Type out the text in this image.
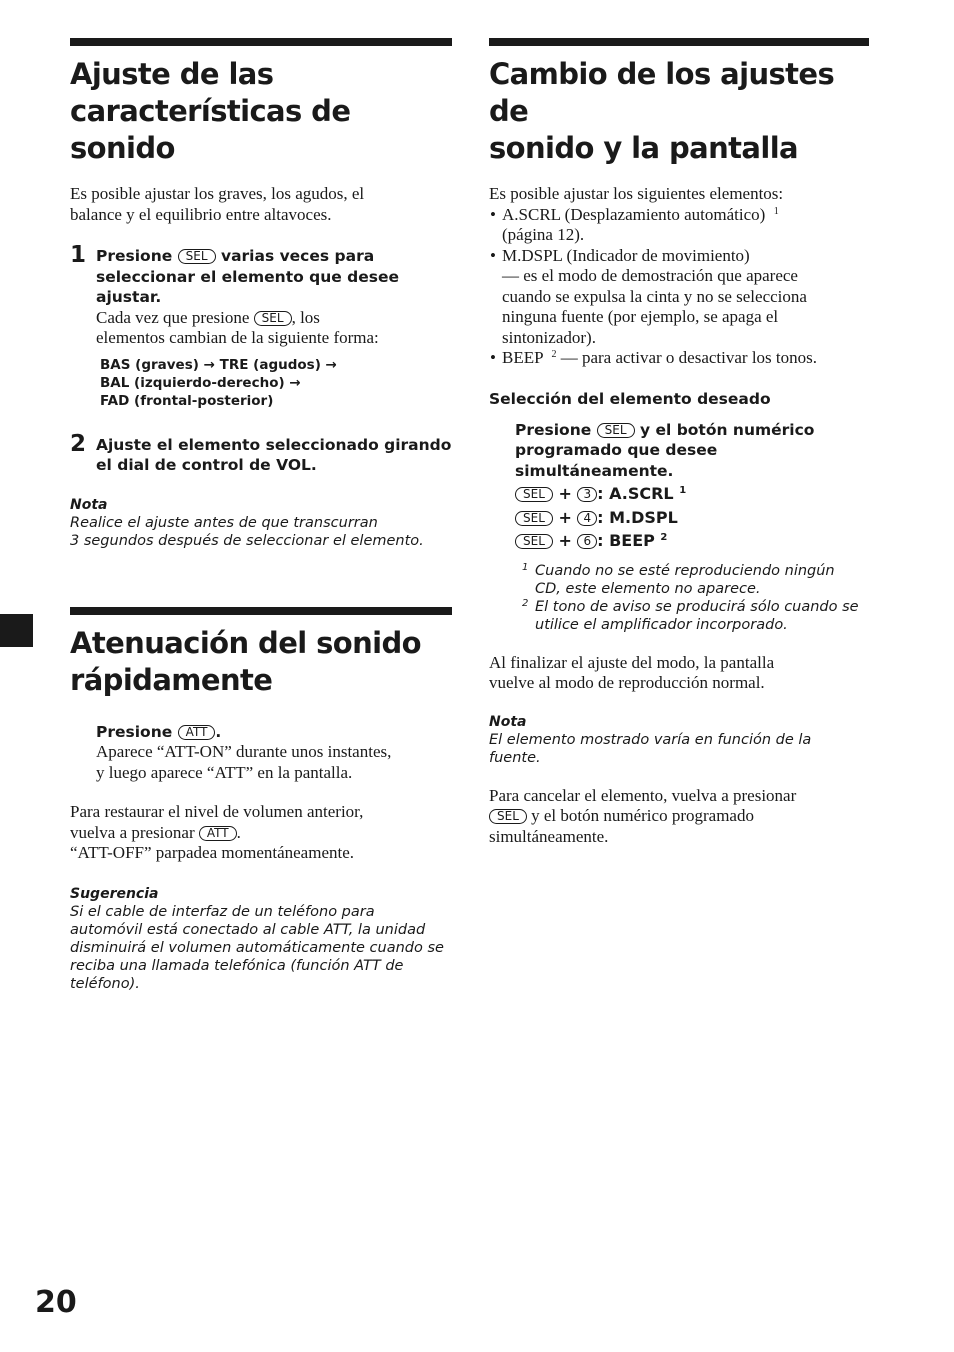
Ajuste de las
características de sonido

Es posible ajustar los graves, los agudos, el

balance y el equilibrio entre altavoces.

1 Presione SEL varias veces para
seleccionar el elemento que desee
ajustar.

Cada vez que presione SEL , los
elementos cambian de la siguiente forma:

BAS (graves) → TRE (agudos) →
BAL (izquierdo-derecho) →
FAD (frontal-posterior)
2 Ajuste el elemento seleccionado girando
el dial de control de VOL.
Nota
Realice el ajuste antes de que transcurran
3 segundos después de seleccionar el elemento.
Atenuación del sonido
rápidamente
Presione ATT .

Aparece “ATT-ON” durante unos instantes,

y luego aparece “ATT” en la pantalla.

Para restaurar el nivel de volumen anterior,

vuelva a presionar ATT .

“ATT-OFF” parpadea momentáneamente.

Sugerencia
Si el cable de interfaz de un teléfono para
automóvil está conectado al cable ATT, la unidad
disminuirá el volumen automáticamente cuando se
reciba una llamada telefónica (función ATT de
teléfono).
Cambio de los ajustes de
sonido y la pantalla

Es posible ajustar los siguientes elementos:

• A.SCRL (Desplazamiento automático) $^1$
(página 12).

• M.DSPL (Indicador de movimiento)

— es el modo de demostración que aparece

cuando se expulsa la cinta y no se selecciona

ninguna fuente (por ejemplo, se apaga el

sintonizador).

• BEEP $^2$ — para activar o desactivar los tonos.

Selección del elemento deseado
Presione SEL y el botón numérico
programado que desee
simultáneamente.
SEL + 3 : A.SCRL $^1$
SEL + 4 : M.DSPL
SEL + 6 : BEEP $^2$
1 Cuando no se esté reproduciendo ningún
CD, este elemento no aparece.
2 El tono de aviso se producirá sólo cuando se
utilice el amplificador incorporado.

Al finalizar el ajuste del modo, la pantalla

vuelve al modo de reproducción normal.

Nota
El elemento mostrado varía en función de la
fuente.

Para cancelar el elemento, vuelva a presionar

SEL y el botón numérico programado

simultáneamente.

20
